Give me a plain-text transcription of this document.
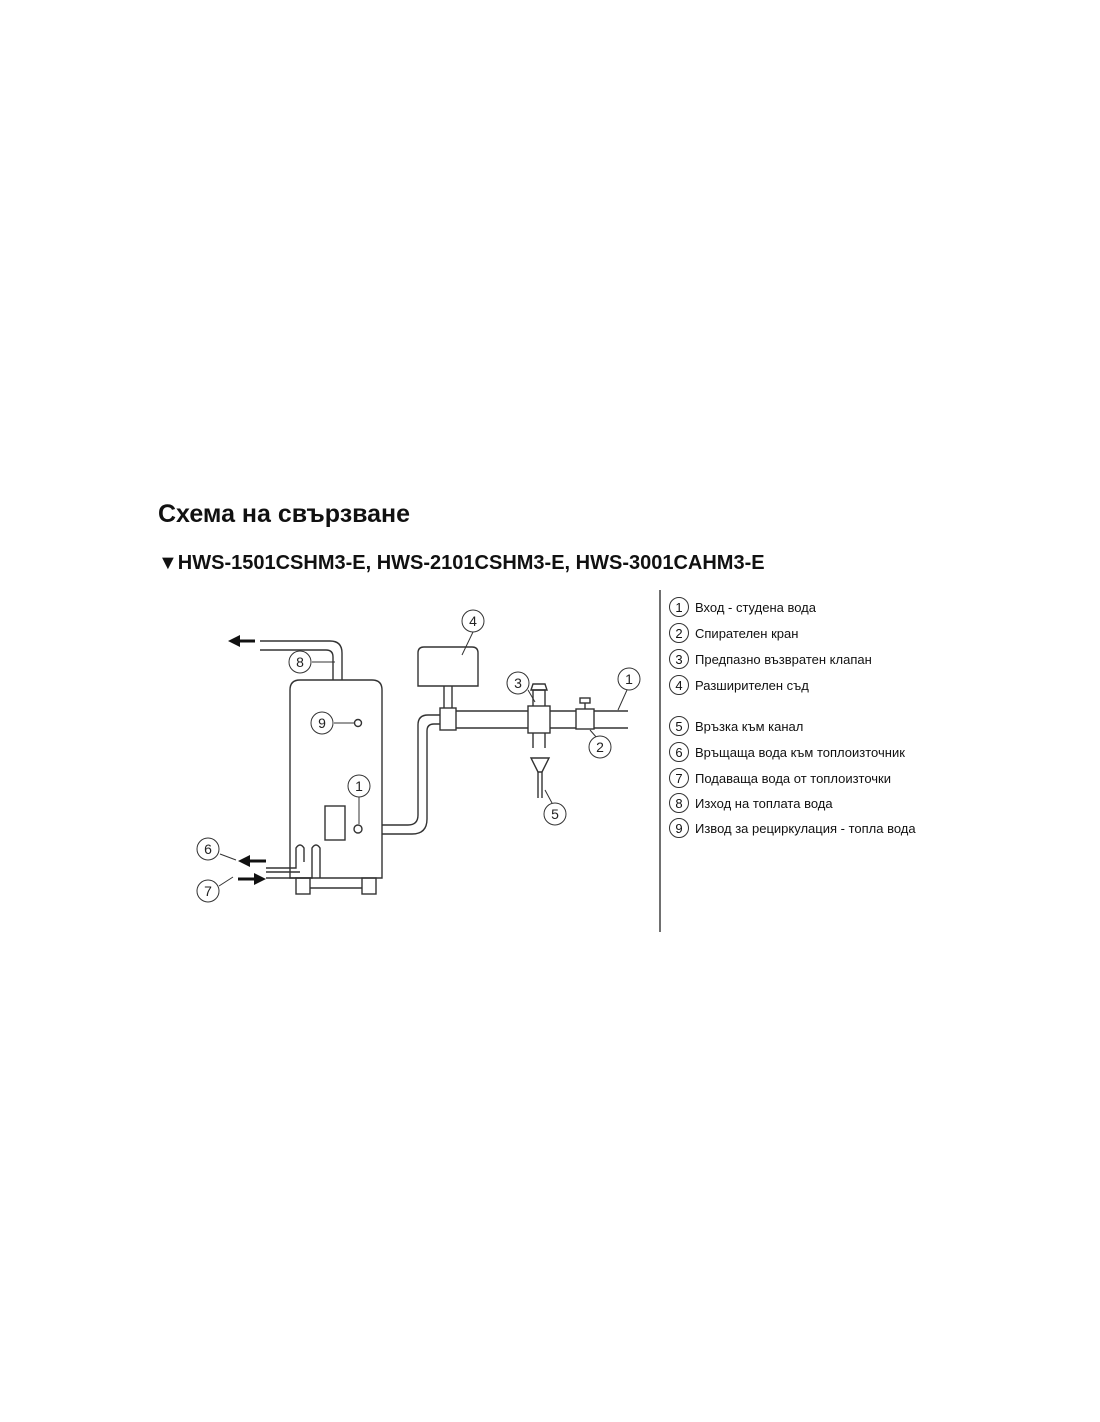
Схема на свързване
▼HWS-1501CSHM3-E, HWS-2101CSHM3-E, HWS-3001CAHM3-E
8
9
1
4
3	1
2
5
6
7
1 Вход - студена вода
2 Спирателен кран
3 Предпазно възвратен клапан
4 Разширителен съд
5 Връзка към канал
6 Връщаща вода към топлоизточник
7 Подаваща вода от топлоизточки
8 Изход на топлата вода
9 Извод за рециркулация - топла вода
